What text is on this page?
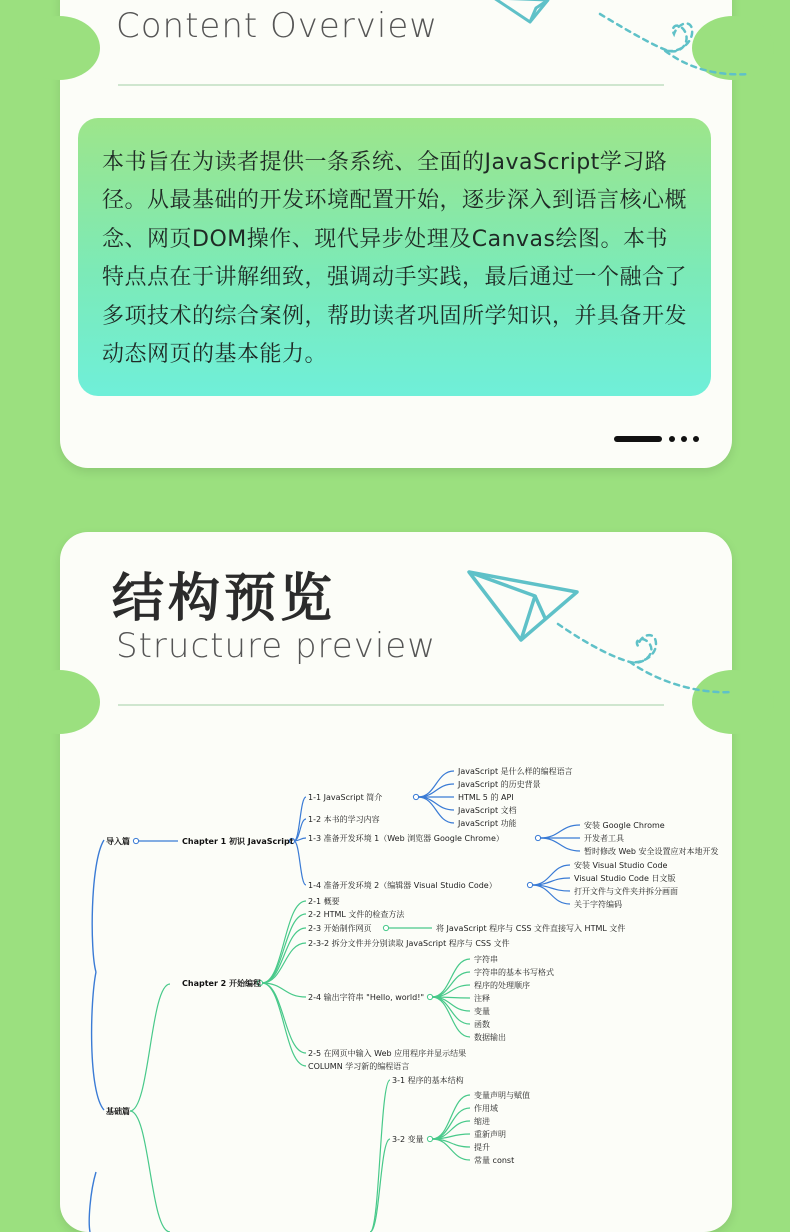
Content Overview

本书旨在为读者提供一条系统、全面的JavaScript学习路径。从最基础的开发环境配置开始，逐步深入到语言核心概念、网页DOM操作、现代异步处理及Canvas绘图。本书特点点在于讲解细致，强调动手实践，最后通过一个融合了多项技术的综合案例，帮助读者巩固所学知识，并具备开发动态网页的基本能力。

结构预览
Structure preview
导入篇
基础篇
Chapter 1 初识 JavaScript
1-1 JavaScript 简介
JavaScript 是什么样的编程语言
JavaScript 的历史背景
HTML 5 的 API
JavaScript 文档
JavaScript 功能
1-2 本书的学习内容
1-3 准备开发环境 1（Web 浏览器 Google Chrome）
安装 Google Chrome
开发者工具
暂时修改 Web 安全设置应对本地开发
1-4 准备开发环境 2（编辑器 Visual Studio Code）
安装 Visual Studio Code
Visual Studio Code 日文版
打开文件与文件夹并拆分画面
关于字符编码
Chapter 2 开始编程
2-1 概要
2-2 HTML 文件的检查方法
2-3 开始制作网页	将 JavaScript 程序与 CSS 文件直接写入 HTML 文件
2-3-2 拆分文件并分别读取 JavaScript 程序与 CSS 文件
2-4 输出字符串 "Hello, world!"
字符串
字符串的基本书写格式
程序的处理顺序
注释
变量
函数
数据输出
2-5 在网页中输入 Web 应用程序并显示结果
COLUMN 学习新的编程语言
3-1 程序的基本结构
3-2 变量
变量声明与赋值
作用域
缩进
重新声明
提升
常量 const
